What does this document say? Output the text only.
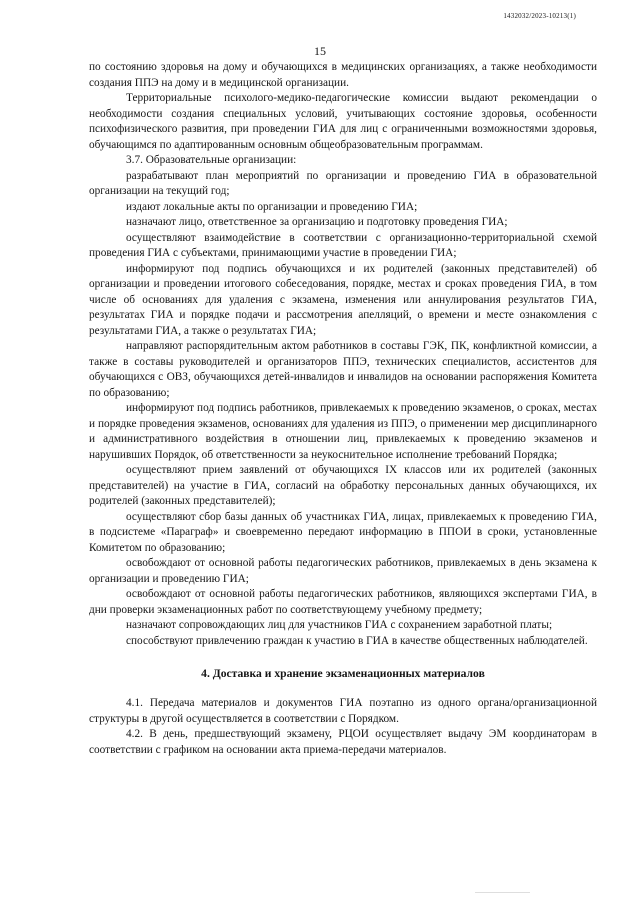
1432032/2023-10213(1)
15

по состоянию здоровья на дому и обучающихся в медицинских организациях, а также необходимости создания ППЭ на дому и в медицинской организации.

Территориальные психолого-медико-педагогические комиссии выдают рекомендации о необходимости создания специальных условий, учитывающих состояние здоровья, особенности психофизического развития, при проведении ГИА для лиц с ограниченными возможностями здоровья, обучающимся по адаптированным основным общеобразовательным программам.

3.7. Образовательные организации:

разрабатывают план мероприятий по организации и проведению ГИА в образовательной организации на текущий год;

издают локальные акты по организации и проведению ГИА;

назначают лицо, ответственное за организацию и подготовку проведения ГИА;

осуществляют взаимодействие в соответствии с организационно-территориальной схемой проведения ГИА с субъектами, принимающими участие в проведении ГИА;

информируют под подпись обучающихся и их родителей (законных представителей) об организации и проведении итогового собеседования, порядке, местах и сроках проведения ГИА, в том числе об основаниях для удаления с экзамена, изменения или аннулирования результатов ГИА, результатах ГИА и порядке подачи и рассмотрения апелляций, о времени и месте ознакомления с результатами ГИА, а также о результатах ГИА;

направляют распорядительным актом работников в составы ГЭК, ПК, конфликтной комиссии, а также в составы руководителей и организаторов ППЭ, технических специалистов, ассистентов для обучающихся с ОВЗ, обучающихся детей-инвалидов и инвалидов на основании распоряжения Комитета по образованию;

информируют под подпись работников, привлекаемых к проведению экзаменов, о сроках, местах и порядке проведения экзаменов, основаниях для удаления из ППЭ, о применении мер дисциплинарного и административного воздействия в отношении лиц, привлекаемых к проведению экзаменов и нарушивших Порядок, об ответственности за неукоснительное исполнение требований Порядка;

осуществляют прием заявлений от обучающихся IX классов или их родителей (законных представителей) на участие в ГИА, согласий на обработку персональных данных обучающихся, их родителей (законных представителей);

осуществляют сбор базы данных об участниках ГИА, лицах, привлекаемых к проведению ГИА, в подсистеме «Параграф» и своевременно передают информацию в ППОИ в сроки, установленные Комитетом по образованию;

освобождают от основной работы педагогических работников, привлекаемых в день экзамена к организации и проведению ГИА;

освобождают от основной работы педагогических работников, являющихся экспертами ГИА, в дни проверки экзаменационных работ по соответствующему учебному предмету;

назначают сопровождающих лиц для участников ГИА с сохранением заработной платы;

способствуют привлечению граждан к участию в ГИА в качестве общественных наблюдателей.

4. Доставка и хранение экзаменационных материалов

4.1. Передача материалов и документов ГИА поэтапно из одного органа/организационной структуры в другой осуществляется в соответствии с Порядком.

4.2. В день, предшествующий экзамену, РЦОИ осуществляет выдачу ЭМ координаторам в соответствии с графиком на основании акта приема-передачи материалов.
